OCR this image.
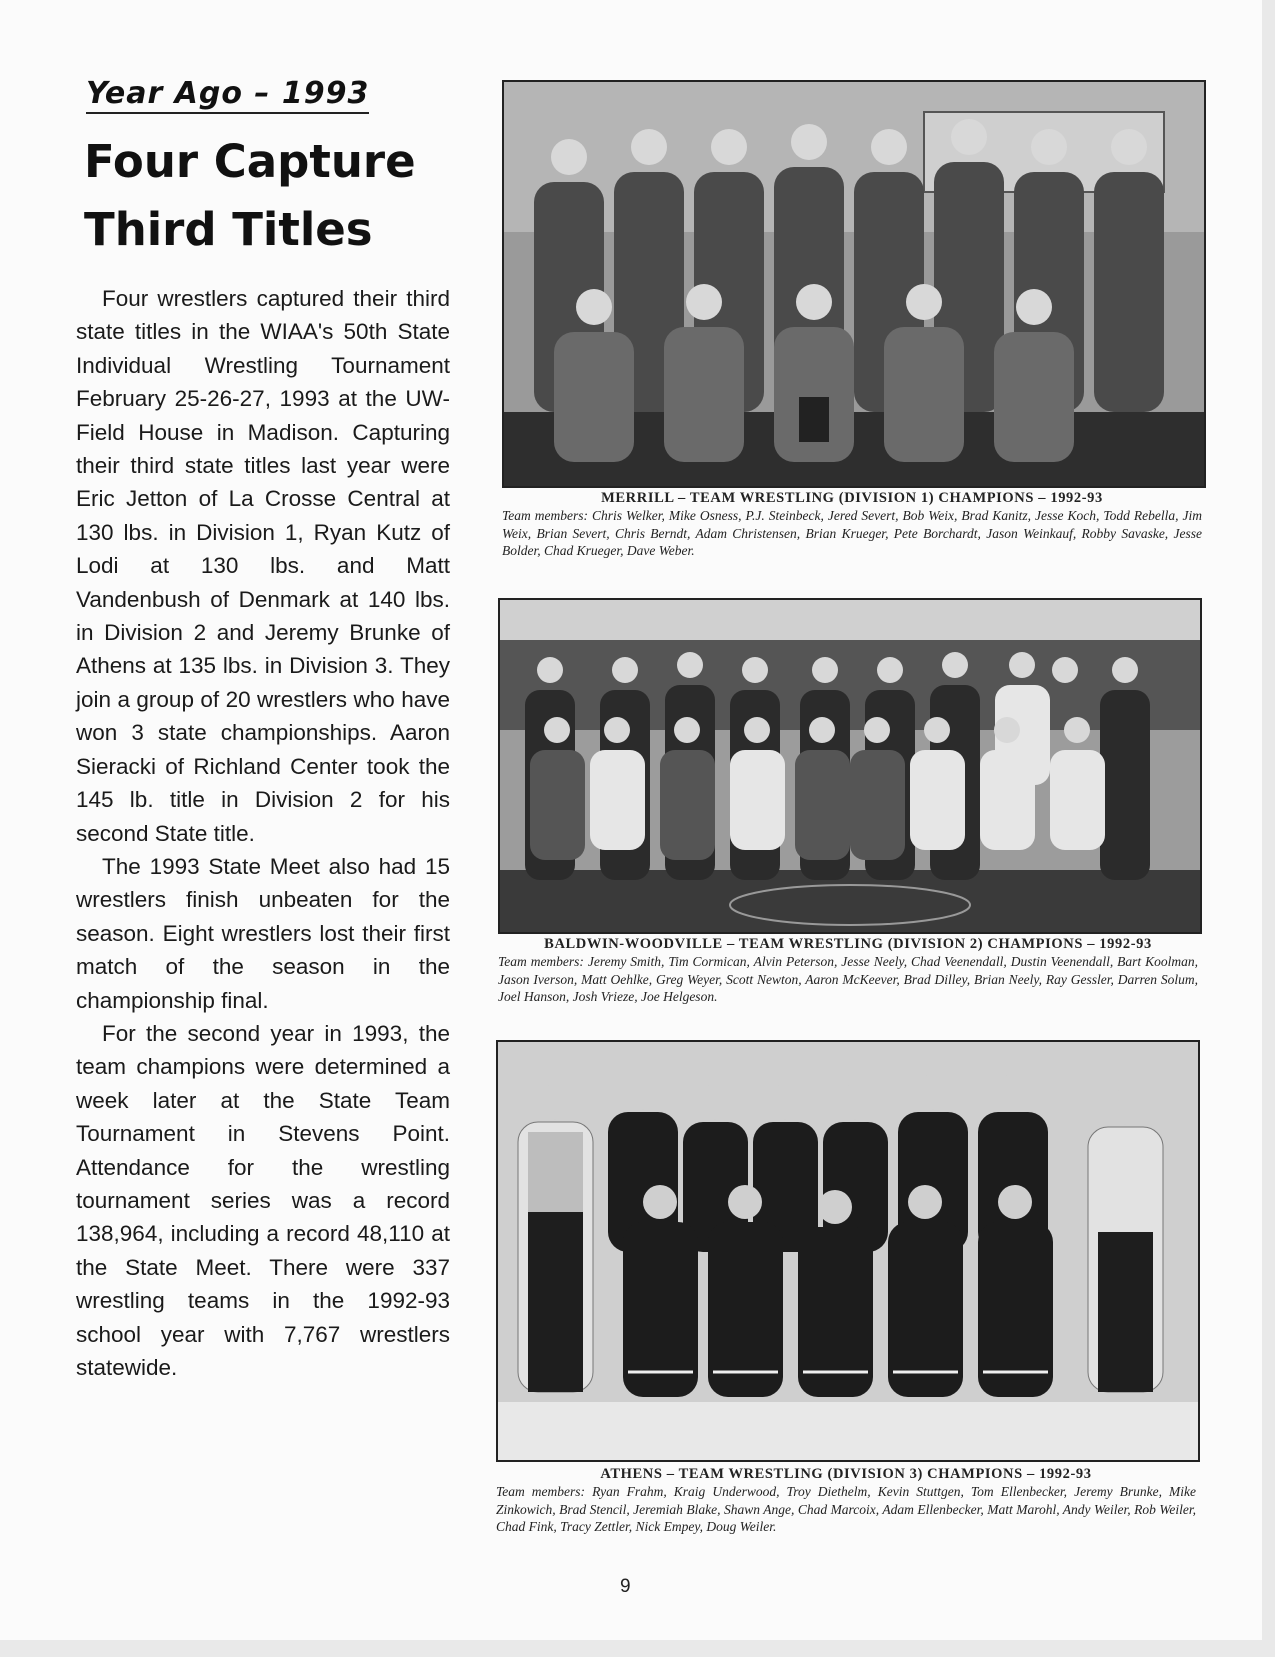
Year Ago – 1993
Four Capture Third Titles

Four wrestlers captured their third state titles in the WIAA's 50th State Individual Wrestling Tournament February 25-26-27, 1993 at the UW-Field House in Madison. Capturing their third state titles last year were Eric Jetton of La Crosse Central at 130 lbs. in Division 1, Ryan Kutz of Lodi at 130 lbs. and Matt Vandenbush of Denmark at 140 lbs. in Division 2 and Jeremy Brunke of Athens at 135 lbs. in Division 3. They join a group of 20 wrestlers who have won 3 state championships. Aaron Sieracki of Richland Center took the 145 lb. title in Division 2 for his second State title.

The 1993 State Meet also had 15 wrestlers finish unbeaten for the season. Eight wrestlers lost their first match of the season in the championship final.

For the second year in 1993, the team champions were determined a week later at the State Team Tournament in Stevens Point. Attendance for the wrestling tournament series was a record 138,964, including a record 48,110 at the State Meet. There were 337 wrestling teams in the 1992-93 school year with 7,767 wrestlers statewide.

MERRILL – TEAM WRESTLING (DIVISION 1) CHAMPIONS – 1992-93
Team members: Chris Welker, Mike Osness, P.J. Steinbeck, Jered Severt, Bob Weix, Brad Kanitz, Jesse Koch, Todd Rebella, Jim Weix, Brian Severt, Chris Berndt, Adam Christensen, Brian Krueger, Pete Borchardt, Jason Weinkauf, Robby Savaske, Jesse Bolder, Chad Krueger, Dave Weber.
BALDWIN-WOODVILLE – TEAM WRESTLING (DIVISION 2) CHAMPIONS – 1992-93
Team members: Jeremy Smith, Tim Cormican, Alvin Peterson, Jesse Neely, Chad Veenendall, Dustin Veenendall, Bart Koolman, Jason Iverson, Matt Oehlke, Greg Weyer, Scott Newton, Aaron McKeever, Brad Dilley, Brian Neely, Ray Gessler, Darren Solum, Joel Hanson, Josh Vrieze, Joe Helgeson.
ATHENS – TEAM WRESTLING (DIVISION 3) CHAMPIONS – 1992-93
Team members: Ryan Frahm, Kraig Underwood, Troy Diethelm, Kevin Stuttgen, Tom Ellenbecker, Jeremy Brunke, Mike Zinkowich, Brad Stencil, Jeremiah Blake, Shawn Ange, Chad Marcoix, Adam Ellenbecker, Matt Marohl, Andy Weiler, Rob Weiler, Chad Fink, Tracy Zettler, Nick Empey, Doug Weiler.
9
